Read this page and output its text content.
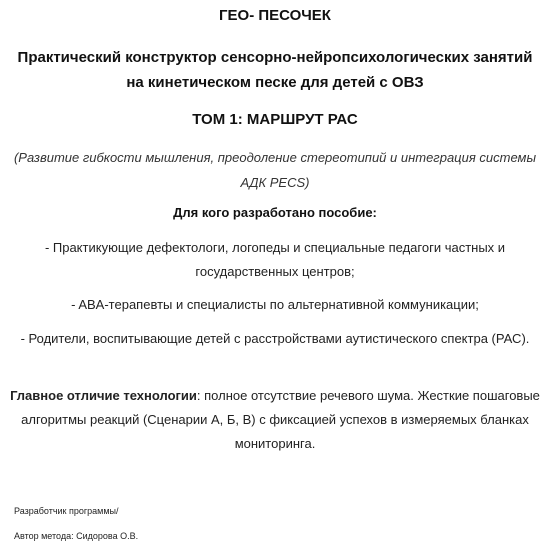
ГЕО- ПЕСОЧЕК

Практический конструктор сенсорно-нейропсихологических занятий на кинетическом песке для детей с ОВЗ

ТОМ 1: МАРШРУТ РАС

(Развитие гибкости мышления, преодоление стереотипий и интеграция системы АДК PECS)

Для кого разработано пособие:

- Практикующие дефектологи, логопеды и специальные педагоги частных и государственных центров;

- ABA-терапевты и специалисты по альтернативной коммуникации;

- Родители, воспитывающие детей с расстройствами аутистического спектра (РАС).

Главное отличие технологии: полное отсутствие речевого шума. Жесткие пошаговые алгоритмы реакций (Сценарии А, Б, В) с фиксацией успехов в измеряемых бланках мониторинга.

Разработчик программы/

Автор метода: Сидорова О.В.
